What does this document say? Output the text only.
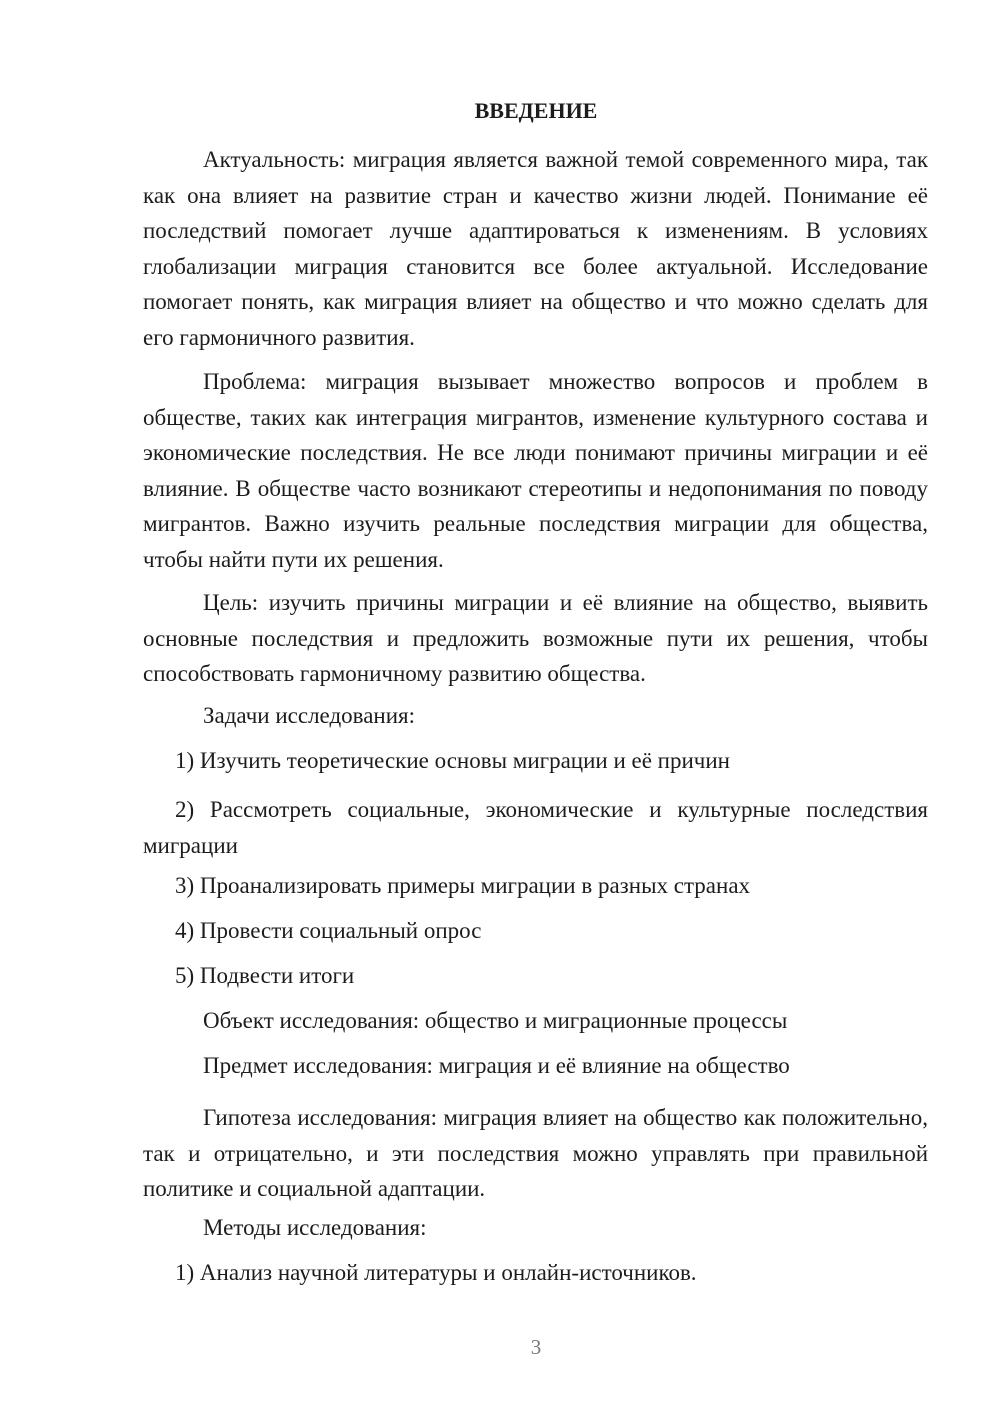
ВВЕДЕНИЕ

Актуальность: миграция является важной темой современного мира, так как она влияет на развитие стран и качество жизни людей. Понимание её последствий помогает лучше адаптироваться к изменениям. В условиях глобализации миграция становится все более актуальной. Исследование помогает понять, как миграция влияет на общество и что можно сделать для его гармоничного развития.

Проблема: миграция вызывает множество вопросов и проблем в обществе, таких как интеграция мигрантов, изменение культурного состава и экономические последствия. Не все люди понимают причины миграции и её влияние. В обществе часто возникают стереотипы и недопонимания по поводу мигрантов. Важно изучить реальные последствия миграции для общества, чтобы найти пути их решения.

Цель: изучить причины миграции и её влияние на общество, выявить основные последствия и предложить возможные пути их решения, чтобы способствовать гармоничному развитию общества.

Задачи исследования:

1) Изучить теоретические основы миграции и её причин

2) Рассмотреть социальные, экономические и культурные последствия миграции

3) Проанализировать примеры миграции в разных странах

4) Провести социальный опрос

5) Подвести итоги

Объект исследования: общество и миграционные процессы

Предмет исследования: миграция и её влияние на общество

Гипотеза исследования: миграция влияет на общество как положительно, так и отрицательно, и эти последствия можно управлять при правильной политике и социальной адаптации.

Методы исследования:

1) Анализ научной литературы и онлайн-источников.

3
